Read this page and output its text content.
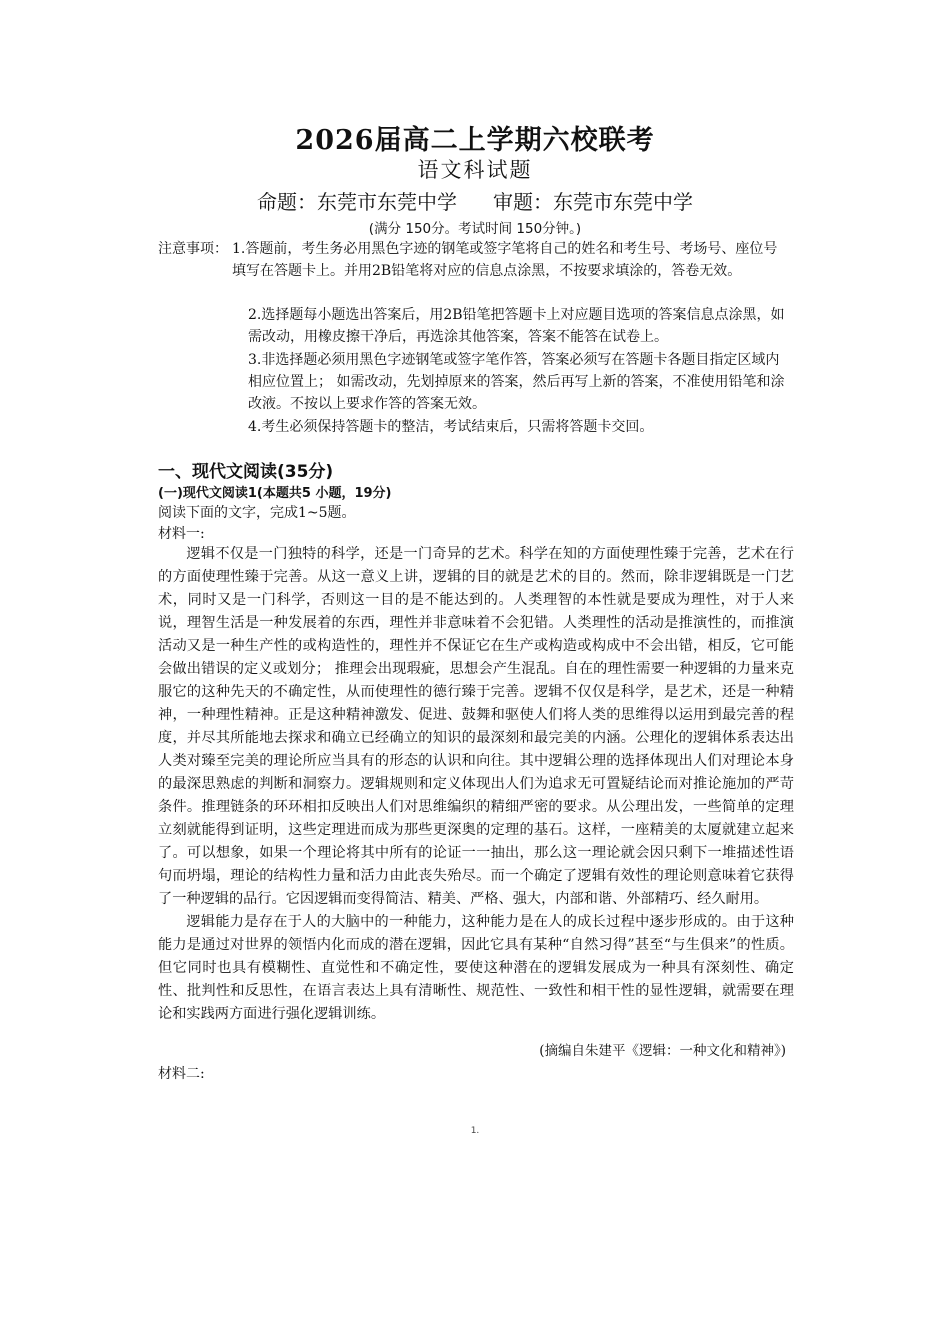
2026届高二上学期六校联考
语文科试题
命题：东莞市东莞中学 审题：东莞市东莞中学
(满分 150分。考试时间 150分钟。)
注意事项： 1.答题前，考生务必用黑色字迹的钢笔或签字笔将自己的姓名和考生号、考场号、座位号填写在答题卡上。并用2B铅笔将对应的信息点涂黑，不按要求填涂的，答卷无效。

2.选择题每小题选出答案后，用2B铅笔把答题卡上对应题目选项的答案信息点涂黑，如需改动，用橡皮擦干净后，再选涂其他答案，答案不能答在试卷上。

3.非选择题必须用黑色字迹钢笔或签字笔作答，答案必须写在答题卡各题目指定区域内相应位置上； 如需改动，先划掉原来的答案，然后再写上新的答案，不准使用铅笔和涂改液。不按以上要求作答的答案无效。

4.考生必须保持答题卡的整洁，考试结束后，只需将答题卡交回。

一、现代文阅读(35分)
(一)现代文阅读1(本题共5 小题，19分)
阅读下面的文字，完成1~5题。
材料一:

逻辑不仅是一门独特的科学，还是一门奇异的艺术。科学在知的方面使理性臻于完善，艺术在行的方面使理性臻于完善。从这一意义上讲，逻辑的目的就是艺术的目的。然而，除非逻辑既是一门艺术，同时又是一门科学，否则这一目的是不能达到的。人类理智的本性就是要成为理性，对于人来说，理智生活是一种发展着的东西，理性并非意味着不会犯错。人类理性的活动是推演性的，而推演活动又是一种生产性的或构造性的，理性并不保证它在生产或构造或构成中不会出错，相反，它可能会做出错误的定义或划分； 推理会出现瑕疵，思想会产生混乱。自在的理性需要一种逻辑的力量来克服它的这种先天的不确定性，从而使理性的德行臻于完善。逻辑不仅仅是科学，是艺术，还是一种精神，一种理性精神。正是这种精神激发、促进、鼓舞和驱使人们将人类的思维得以运用到最完善的程度，并尽其所能地去探求和确立已经确立的知识的最深刻和最完美的内涵。公理化的逻辑体系表达出人类对臻至完美的理论所应当具有的形态的认识和向往。其中逻辑公理的选择体现出人们对理论本身的最深思熟虑的判断和洞察力。逻辑规则和定义体现出人们为追求无可置疑结论而对推论施加的严苛条件。推理链条的环环相扣反映出人们对思维编织的精细严密的要求。从公理出发，一些简单的定理立刻就能得到证明，这些定理进而成为那些更深奥的定理的基石。这样，一座精美的太厦就建立起来了。可以想象，如果一个理论将其中所有的论证一一抽出，那么这一理论就会因只剩下一堆描述性语句而坍塌，理论的结构性力量和活力由此丧失殆尽。而一个确定了逻辑有效性的理论则意味着它获得了一种逻辑的品行。它因逻辑而变得简洁、精美、严格、强大，内部和谐、外部精巧、经久耐用。

逻辑能力是存在于人的大脑中的一种能力，这种能力是在人的成长过程中逐步形成的。由于这种能力是通过对世界的领悟内化而成的潜在逻辑，因此它具有某种“自然习得”甚至“与生俱来”的性质。但它同时也具有模糊性、直觉性和不确定性，要使这种潜在的逻辑发展成为一种具有深刻性、确定性、批判性和反思性，在语言表达上具有清晰性、规范性、一致性和相干性的显性逻辑，就需要在理论和实践两方面进行强化逻辑训练。

(摘编自朱建平《逻辑：一种文化和精神》)
材料二:
1.
